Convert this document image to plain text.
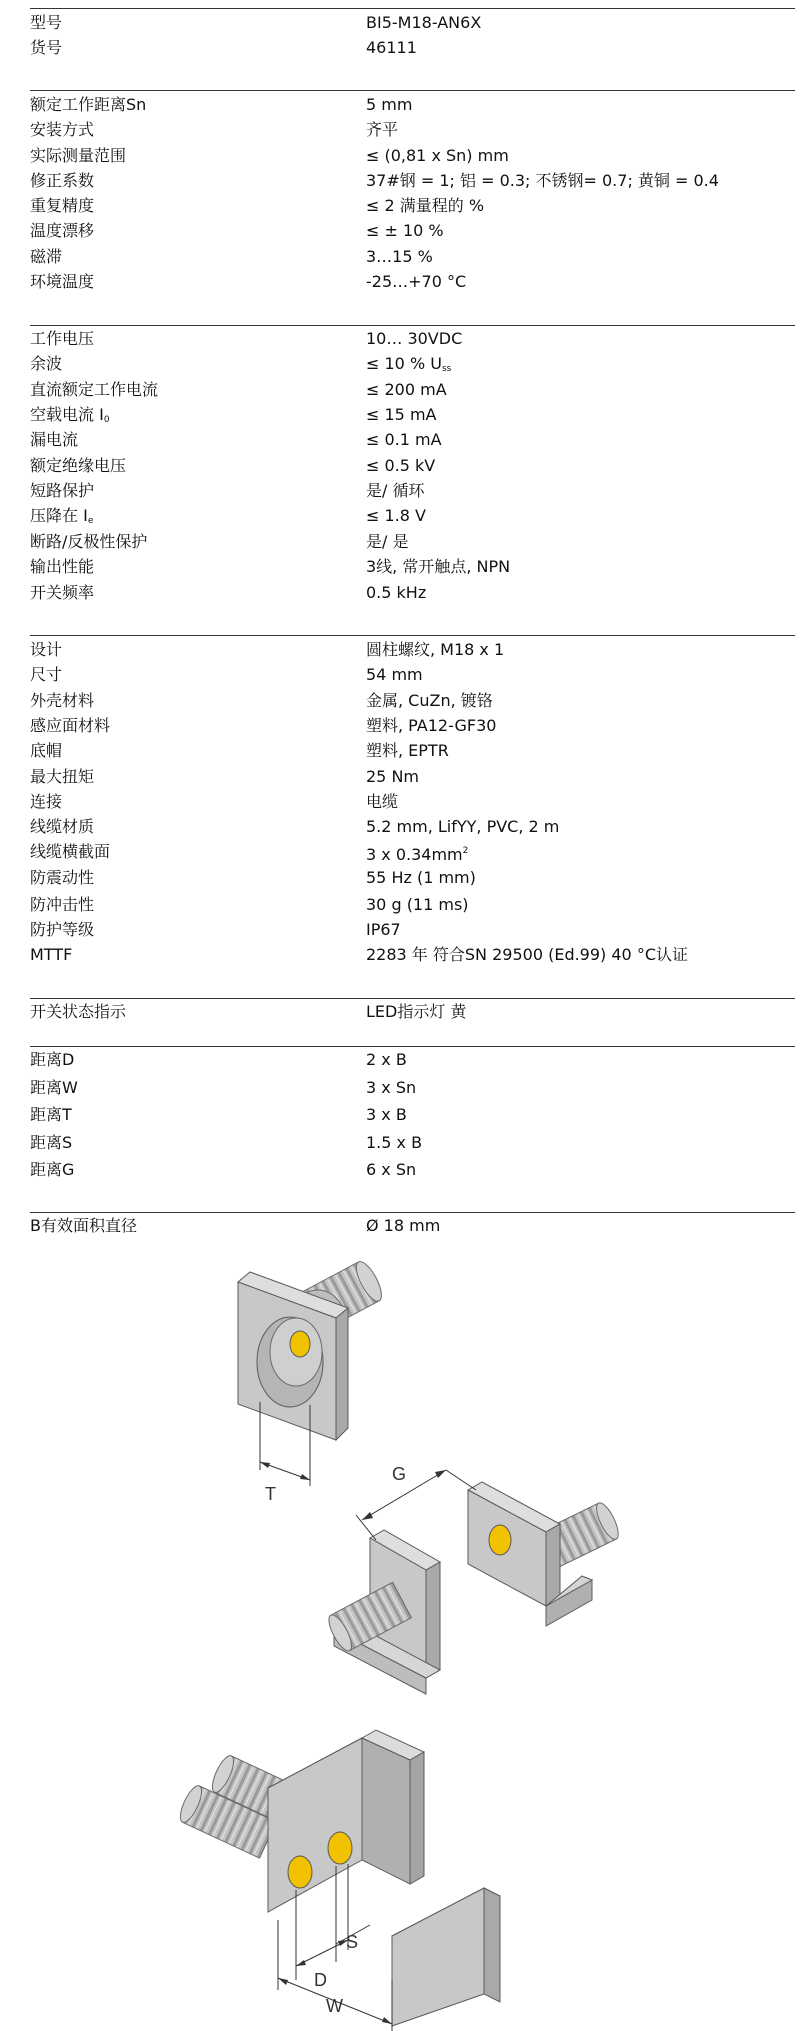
型号	BI5-M18-AN6X
货号	46111
额定工作距离Sn	5 mm
安装方式	齐平
实际测量范围	≤ (0,81 x Sn) mm
修正系数	37#钢 = 1; 铝 = 0.3; 不锈钢= 0.7; 黄铜 = 0.4
重复精度	≤ 2 满量程的 %
温度漂移	≤ ± 10 %
磁滞	3…15 %
环境温度	-25…+70 °C
工作电压	10… 30VDC
余波	≤ 10 % $U_{ss}$
直流额定工作电流	≤ 200 mA
空载电流 $I_0$	≤ 15 mA
漏电流	≤ 0.1 mA
额定绝缘电压	≤ 0.5 kV
短路保护	是/ 循环
压降在 $I_e$	≤ 1.8 V
断路/反极性保护	是/ 是
输出性能	3线, 常开触点, NPN
开关频率	0.5 kHz
设计	圆柱螺纹, M18 x 1
尺寸	54 mm
外壳材料	金属, CuZn, 镀铬
感应面材料	塑料, PA12-GF30
底帽	塑料, EPTR
最大扭矩	25 Nm
连接	电缆
线缆材质	5.2 mm, LifYY, PVC, 2 m
线缆横截面	3 x $0.34mm^2$
防震动性	55 Hz (1 mm)
防冲击性	30 g (11 ms)
防护等级	IP67
MTTF	2283 年 符合SN 29500 (Ed.99) 40 °C认证
开关状态指示	LED指示灯 黄
距离D	2 x B
距离W	3 x Sn
距离T	3 x B
距离S	1.5 x B
距离G	6 x Sn
B有效面积直径	Ø 18 mm
T
G
S
D
W
